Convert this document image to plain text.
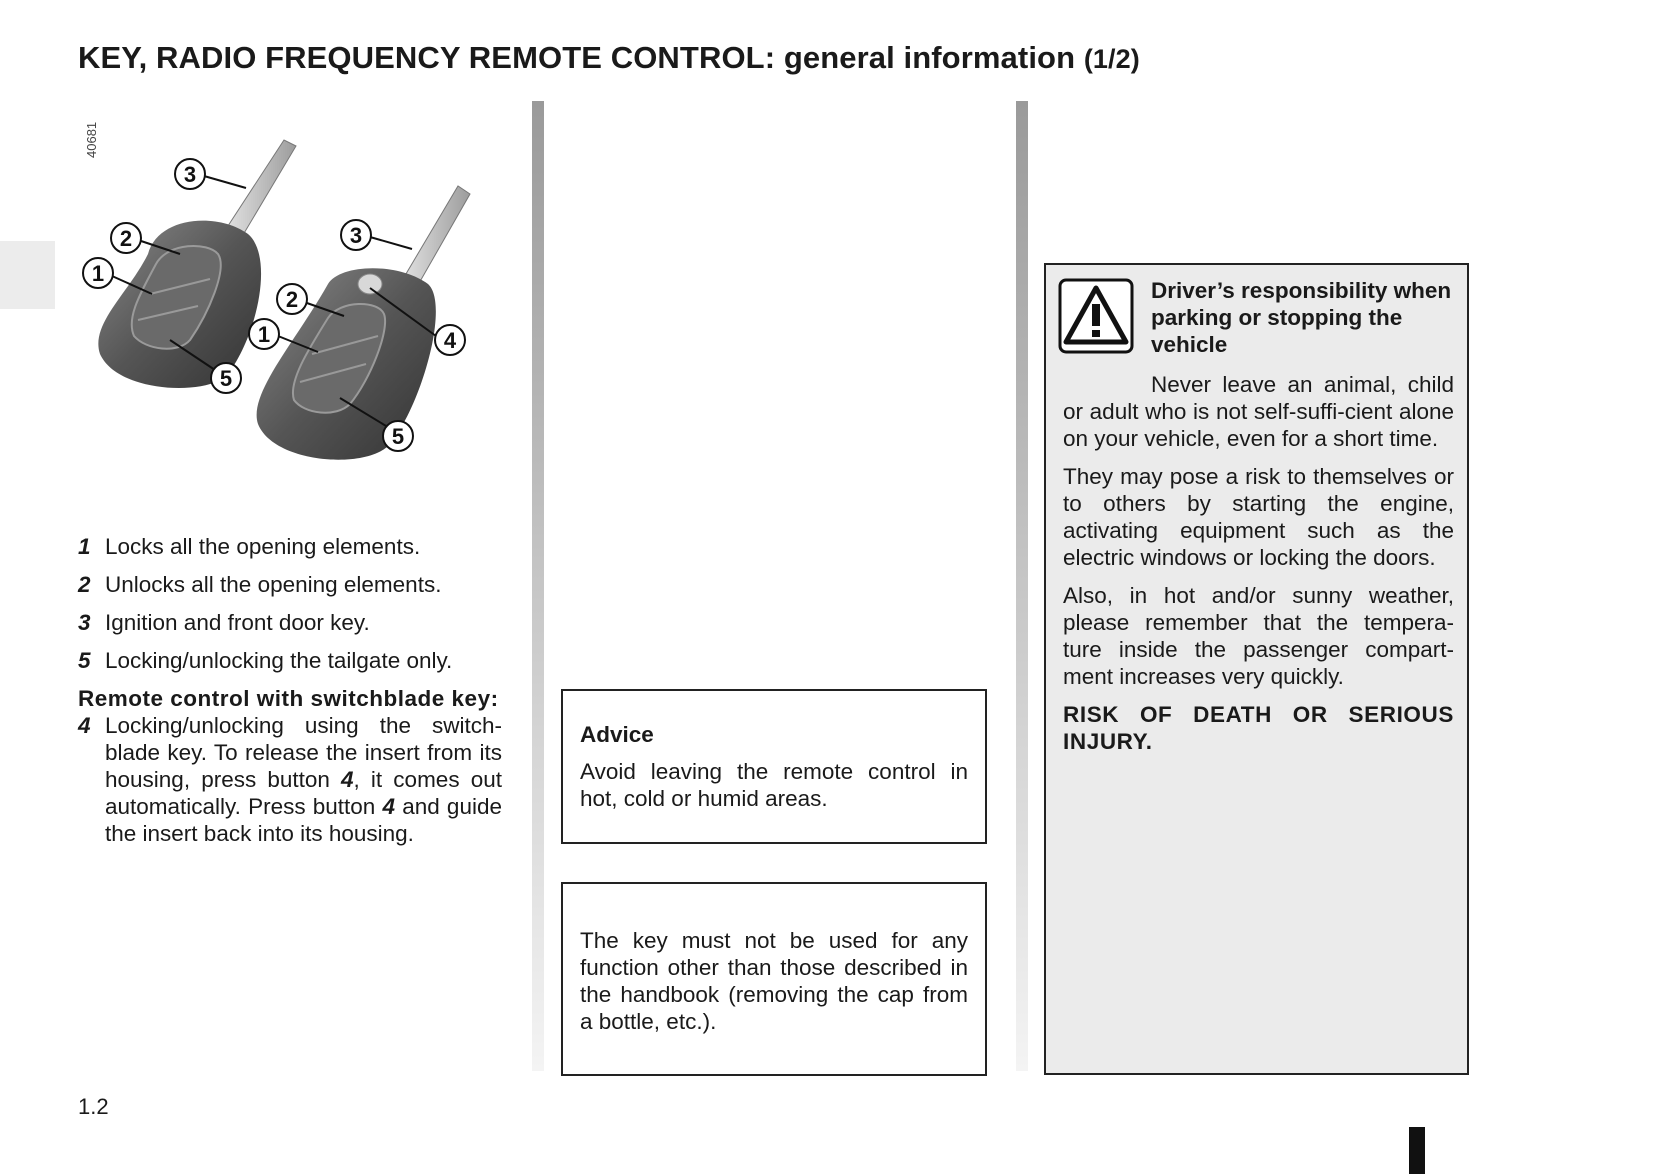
KEY, RADIO FREQUENCY REMOTE CONTROL: general information (1/2)
40681
3
2
1
5
3
2
1	4
5
1 Locks all the opening elements.
2 Unlocks all the opening elements.
3 Ignition and front door key.
5 Locking/unlocking the tailgate only.
Remote control with switchblade key:
4 Locking/unlocking using the switch-blade key. To release the insert from its housing, press button 4, it comes out automatically. Press button 4 and guide the insert back into its housing.
Advice
Avoid leaving the remote control in hot, cold or humid areas.
The key must not be used for any function other than those described in the handbook (removing the cap from a bottle, etc.).
Driver’s responsibility when parking or stopping the vehicle

Never leave an animal, child or adult who is not self-suffi-cient alone on your vehicle, even for a short time.

They may pose a risk to themselves or to others by starting the engine, activating equipment such as the electric windows or locking the doors.

Also, in hot and/or sunny weather, please remember that the tempera-ture inside the passenger compart-ment increases very quickly.

RISK OF DEATH OR SERIOUS INJURY.

1.2
